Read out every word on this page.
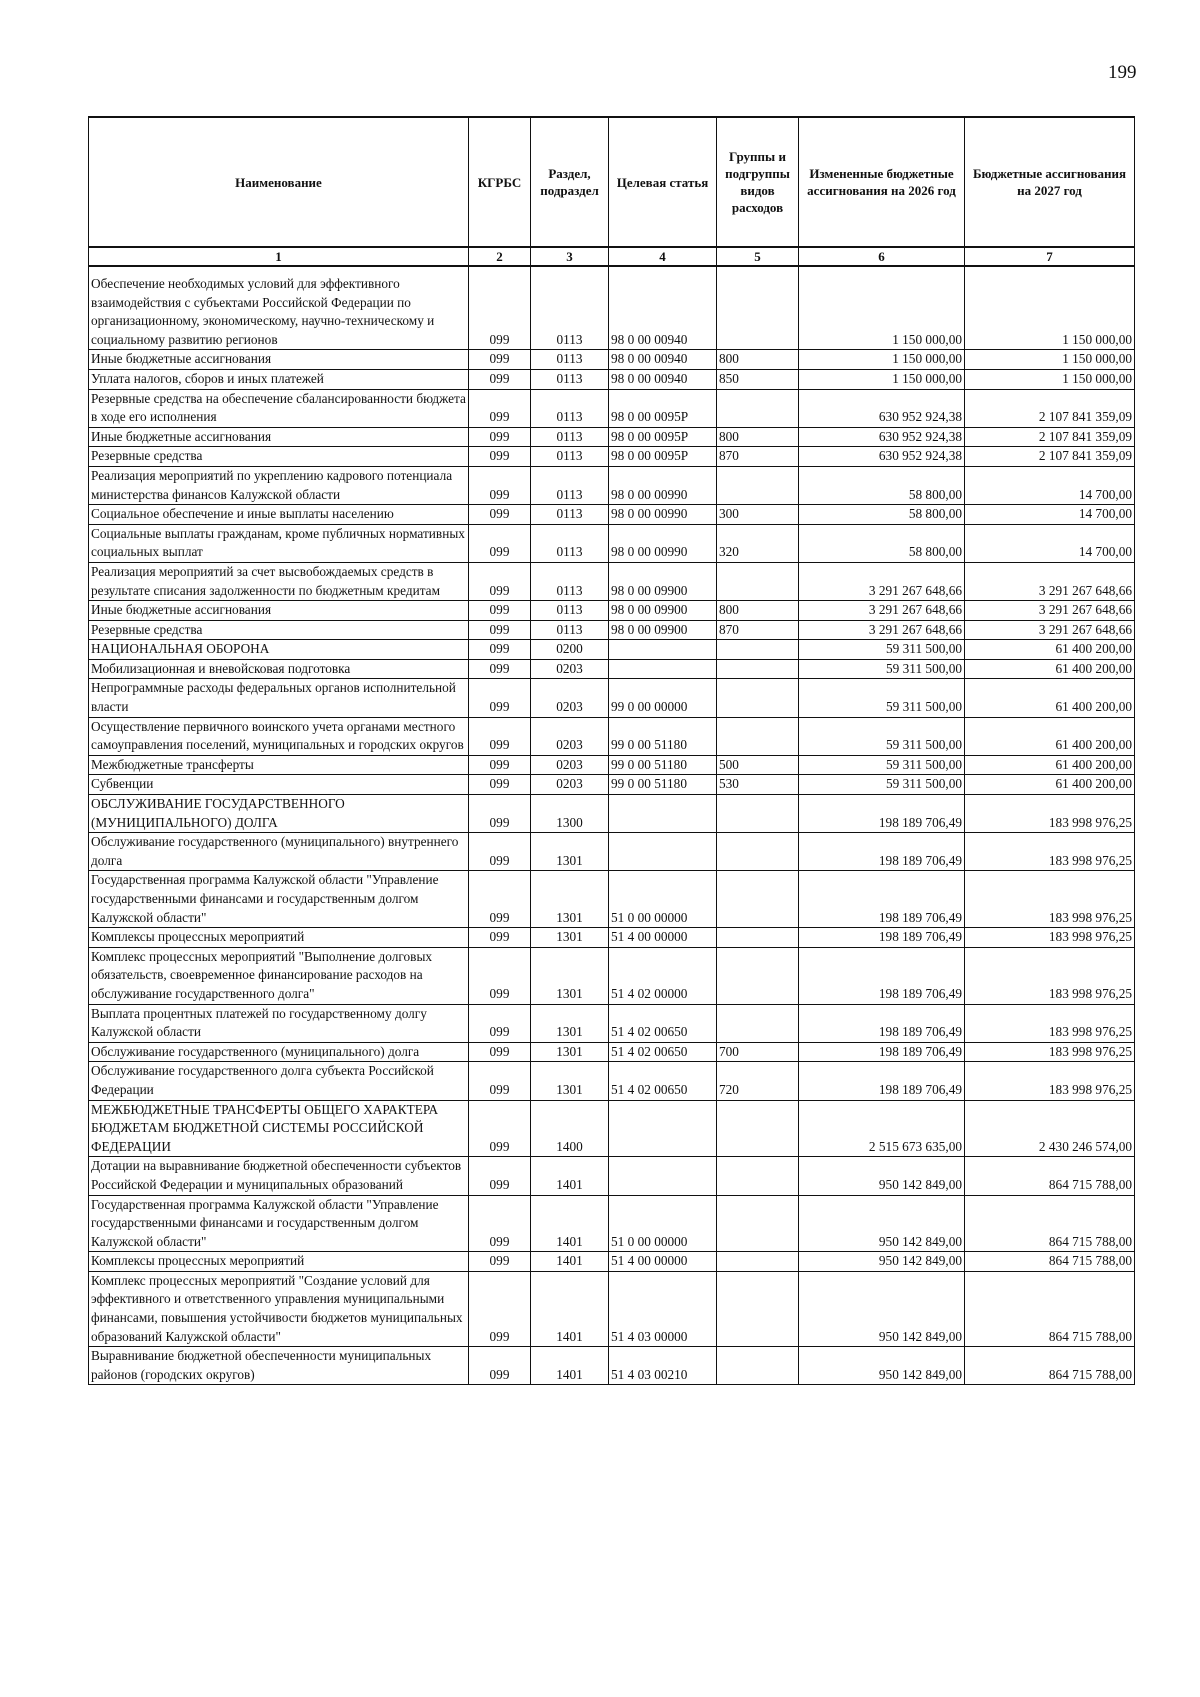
199
Наименование	КГРБС	Раздел, подраздел	Целевая статья	Группы и подгруппы видов расходов	Измененные бюджетные ассигнования на 2026 год	Бюджетные ассигнования на 2027 год
1	2	3	4	5	6	7
Обеспечение необходимых условий для эффективного взаимодействия с субъектами Российской Федерации по организационному, экономическому, научно-техническому и социальному развитию регионов	099	0113	98 0 00 00940		1 150 000,00	1 150 000,00
Иные бюджетные ассигнования	099	0113	98 0 00 00940	800	1 150 000,00	1 150 000,00
Уплата налогов, сборов и иных платежей	099	0113	98 0 00 00940	850	1 150 000,00	1 150 000,00
Резервные средства на обеспечение сбалансированности бюджета в ходе его исполнения	099	0113	98 0 00 0095Р		630 952 924,38	2 107 841 359,09
Иные бюджетные ассигнования	099	0113	98 0 00 0095Р	800	630 952 924,38	2 107 841 359,09
Резервные средства	099	0113	98 0 00 0095Р	870	630 952 924,38	2 107 841 359,09
Реализация мероприятий по укреплению кадрового потенциала министерства финансов Калужской области	099	0113	98 0 00 00990		58 800,00	14 700,00
Социальное обеспечение и иные выплаты населению	099	0113	98 0 00 00990	300	58 800,00	14 700,00
Социальные выплаты гражданам, кроме публичных нормативных социальных выплат	099	0113	98 0 00 00990	320	58 800,00	14 700,00
Реализация мероприятий за счет высвобождаемых средств в результате списания задолженности по бюджетным кредитам	099	0113	98 0 00 09900		3 291 267 648,66	3 291 267 648,66
Иные бюджетные ассигнования	099	0113	98 0 00 09900	800	3 291 267 648,66	3 291 267 648,66
Резервные средства	099	0113	98 0 00 09900	870	3 291 267 648,66	3 291 267 648,66
НАЦИОНАЛЬНАЯ ОБОРОНА	099	0200			59 311 500,00	61 400 200,00
Мобилизационная и вневойсковая подготовка	099	0203			59 311 500,00	61 400 200,00
Непрограммные расходы федеральных органов исполнительной власти	099	0203	99 0 00 00000		59 311 500,00	61 400 200,00
Осуществление первичного воинского учета органами местного самоуправления поселений, муниципальных и городских округов	099	0203	99 0 00 51180		59 311 500,00	61 400 200,00
Межбюджетные трансферты	099	0203	99 0 00 51180	500	59 311 500,00	61 400 200,00
Субвенции	099	0203	99 0 00 51180	530	59 311 500,00	61 400 200,00
ОБСЛУЖИВАНИЕ ГОСУДАРСТВЕННОГО (МУНИЦИПАЛЬНОГО) ДОЛГА	099	1300			198 189 706,49	183 998 976,25
Обслуживание государственного (муниципального) внутреннего долга	099	1301			198 189 706,49	183 998 976,25
Государственная программа Калужской области "Управление государственными финансами и государственным долгом Калужской области"	099	1301	51 0 00 00000		198 189 706,49	183 998 976,25
Комплексы процессных мероприятий	099	1301	51 4 00 00000		198 189 706,49	183 998 976,25
Комплекс процессных мероприятий "Выполнение долговых обязательств, своевременное финансирование расходов на обслуживание государственного долга"	099	1301	51 4 02 00000		198 189 706,49	183 998 976,25
Выплата процентных платежей по государственному долгу Калужской области	099	1301	51 4 02 00650		198 189 706,49	183 998 976,25
Обслуживание государственного (муниципального) долга	099	1301	51 4 02 00650	700	198 189 706,49	183 998 976,25
Обслуживание государственного долга субъекта Российской Федерации	099	1301	51 4 02 00650	720	198 189 706,49	183 998 976,25
МЕЖБЮДЖЕТНЫЕ ТРАНСФЕРТЫ ОБЩЕГО ХАРАКТЕРА БЮДЖЕТАМ БЮДЖЕТНОЙ СИСТЕМЫ РОССИЙСКОЙ ФЕДЕРАЦИИ	099	1400			2 515 673 635,00	2 430 246 574,00
Дотации на выравнивание бюджетной обеспеченности субъектов Российской Федерации и муниципальных образований	099	1401			950 142 849,00	864 715 788,00
Государственная программа Калужской области "Управление государственными финансами и государственным долгом Калужской области"	099	1401	51 0 00 00000		950 142 849,00	864 715 788,00
Комплексы процессных мероприятий	099	1401	51 4 00 00000		950 142 849,00	864 715 788,00
Комплекс процессных мероприятий "Создание условий для эффективного и ответственного управления муниципальными финансами, повышения устойчивости бюджетов муниципальных образований Калужской области"	099	1401	51 4 03 00000		950 142 849,00	864 715 788,00
Выравнивание бюджетной обеспеченности муниципальных районов (городских округов)	099	1401	51 4 03 00210		950 142 849,00	864 715 788,00
